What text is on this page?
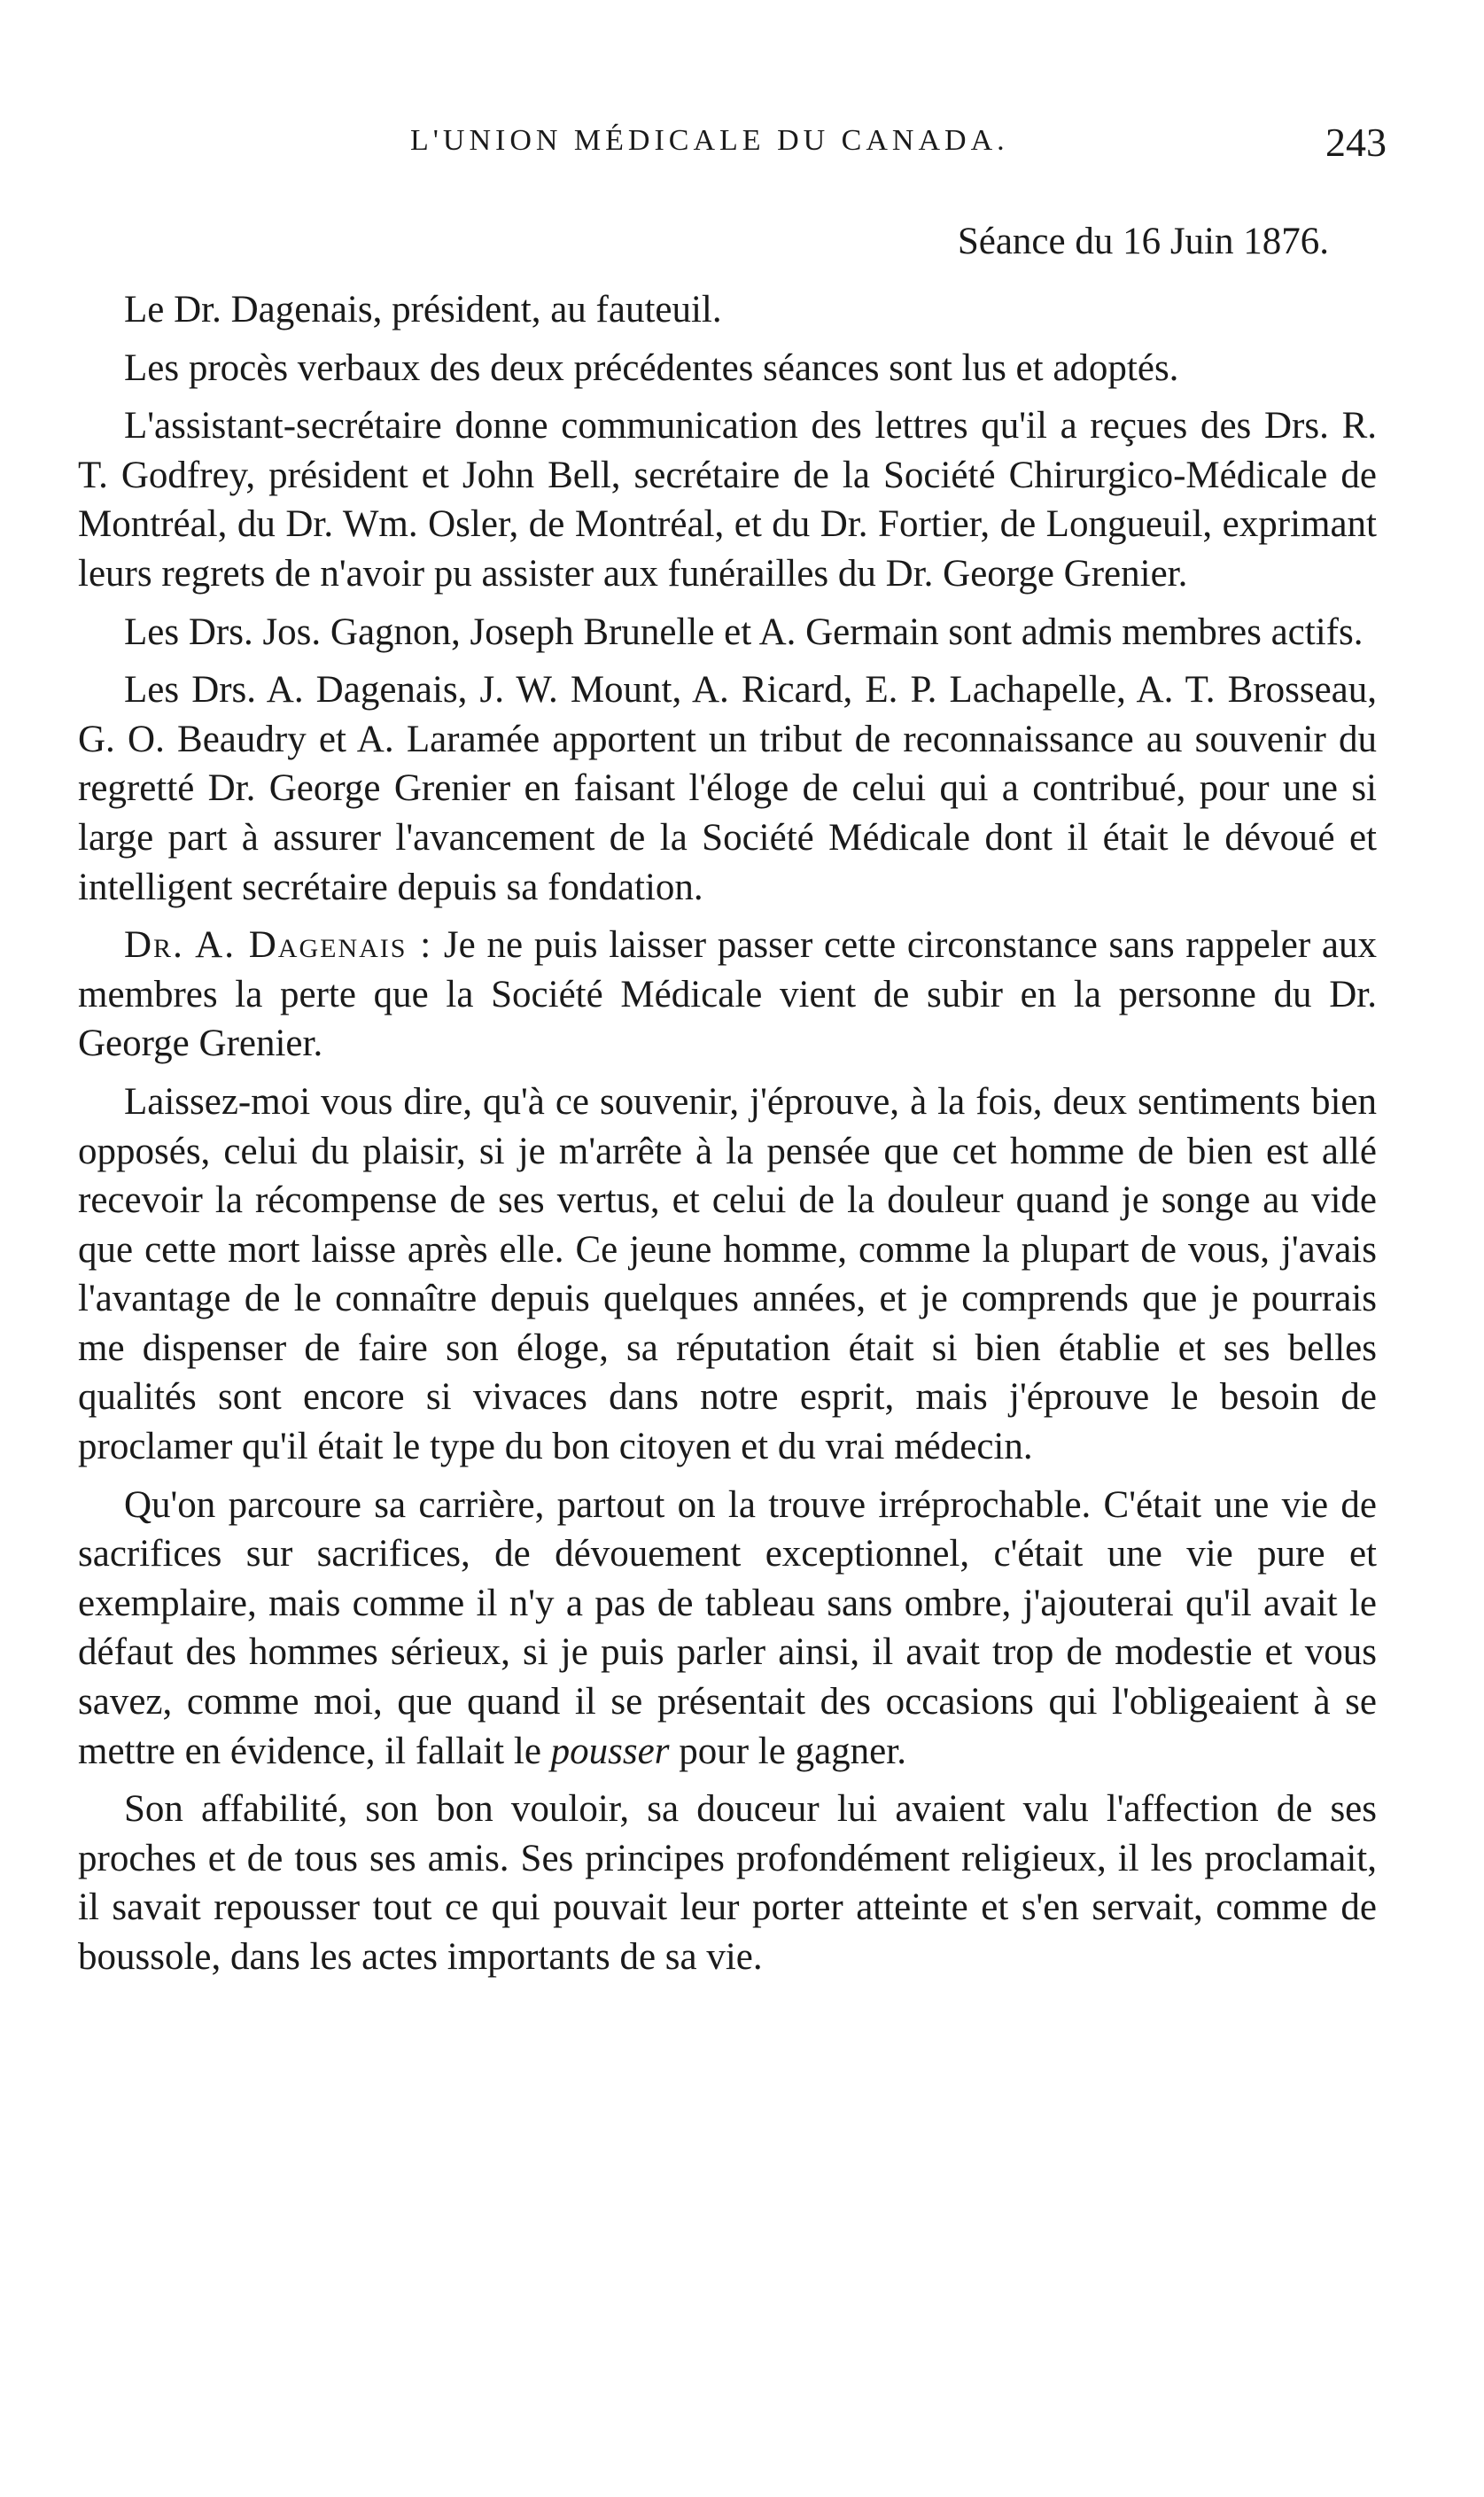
L'UNION MÉDICALE DU CANADA.	243
Séance du 16 Juin 1876.

Le Dr. Dagenais, président, au fauteuil.

Les procès verbaux des deux précédentes séances sont lus et adoptés.

L'assistant-secrétaire donne communication des lettres qu'il a reçues des Drs. R. T. Godfrey, président et John Bell, secrétaire de la Société Chirurgico-Médicale de Montréal, du Dr. Wm. Osler, de Montréal, et du Dr. Fortier, de Longueuil, exprimant leurs regrets de n'avoir pu assister aux funérailles du Dr. George Grenier.

Les Drs. Jos. Gagnon, Joseph Brunelle et A. Germain sont admis membres actifs.

Les Drs. A. Dagenais, J. W. Mount, A. Ricard, E. P. Lachapelle, A. T. Brosseau, G. O. Beaudry et A. Laramée apportent un tribut de reconnaissance au souvenir du regretté Dr. George Grenier en faisant l'éloge de celui qui a contribué, pour une si large part à assurer l'avancement de la Société Médicale dont il était le dévoué et intelligent secrétaire depuis sa fondation.

Dr. A. Dagenais : Je ne puis laisser passer cette circonstance sans rappeler aux membres la perte que la Société Médicale vient de subir en la personne du Dr. George Grenier.

Laissez-moi vous dire, qu'à ce souvenir, j'éprouve, à la fois, deux sentiments bien opposés, celui du plaisir, si je m'arrête à la pensée que cet homme de bien est allé recevoir la récompense de ses vertus, et celui de la douleur quand je songe au vide que cette mort laisse après elle. Ce jeune homme, comme la plupart de vous, j'avais l'avantage de le connaître depuis quelques années, et je comprends que je pourrais me dispenser de faire son éloge, sa réputation était si bien établie et ses belles qualités sont encore si vivaces dans notre esprit, mais j'éprouve le besoin de proclamer qu'il était le type du bon citoyen et du vrai médecin.

Qu'on parcoure sa carrière, partout on la trouve irréprochable. C'était une vie de sacrifices sur sacrifices, de dévouement exceptionnel, c'était une vie pure et exemplaire, mais comme il n'y a pas de tableau sans ombre, j'ajouterai qu'il avait le défaut des hommes sérieux, si je puis parler ainsi, il avait trop de modestie et vous savez, comme moi, que quand il se présentait des occasions qui l'obligeaient à se mettre en évidence, il fallait le pousser pour le gagner.

Son affabilité, son bon vouloir, sa douceur lui avaient valu l'affection de ses proches et de tous ses amis. Ses principes profondément religieux, il les proclamait, il savait repousser tout ce qui pouvait leur porter atteinte et s'en servait, comme de boussole, dans les actes importants de sa vie.
